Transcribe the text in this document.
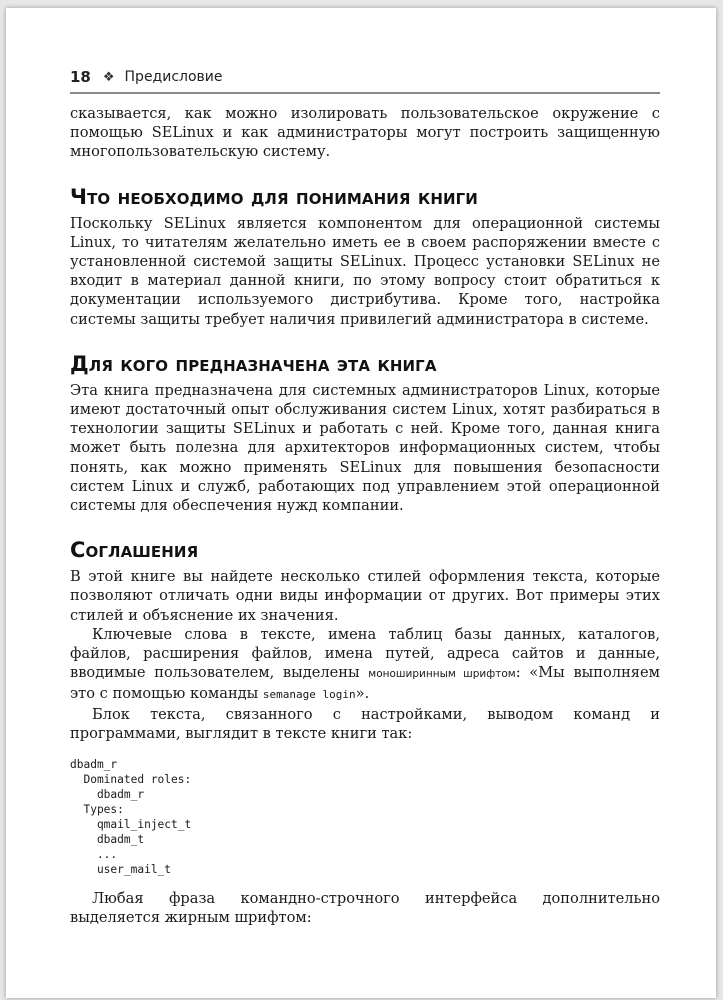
18 ❖ Предисловие

сказывается, как можно изолировать пользовательское окружение с помощью SELinux и как администраторы могут построить защищенную многопользовательскую систему.

Что необходимо для понимания книги

Поскольку SELinux является компонентом для операционной системы Linux, то читателям желательно иметь ее в своем распоряжении вместе с установленной системой защиты SELinux. Процесс установки SELinux не входит в материал данной книги, по этому вопросу стоит обратиться к документации используемого дистрибутива. Кроме того, настройка системы защиты требует наличия привилегий администратора в системе.

Для кого предназначена эта книга

Эта книга предназначена для системных администраторов Linux, которые имеют достаточный опыт обслуживания систем Linux, хотят разбираться в технологии защиты SELinux и работать с ней. Кроме того, данная книга может быть полезна для архитекторов информационных систем, чтобы понять, как можно применять SELinux для повышения безопасности систем Linux и служб, работающих под управлением этой операционной системы для обеспечения нужд компании.

Соглашения

В этой книге вы найдете несколько стилей оформления текста, которые позволяют отличать одни виды информации от других. Вот примеры этих стилей и объяснение их значения.

Ключевые слова в тексте, имена таблиц базы данных, каталогов, файлов, расширения файлов, имена путей, адреса сайтов и данные, вводимые пользователем, выделены моноширинным шрифтом: «Мы выполняем это с помощью команды semanage login».

Блок текста, связанного с настройками, выводом команд и программами, выглядит в тексте книги так:

dbadm_r
Dominated roles:
dbadm_r
Types:
qmail_inject_t
dbadm_t
...
user_mail_t

Любая фраза командно-строчного интерфейса дополнительно выделяется жирным шрифтом:
